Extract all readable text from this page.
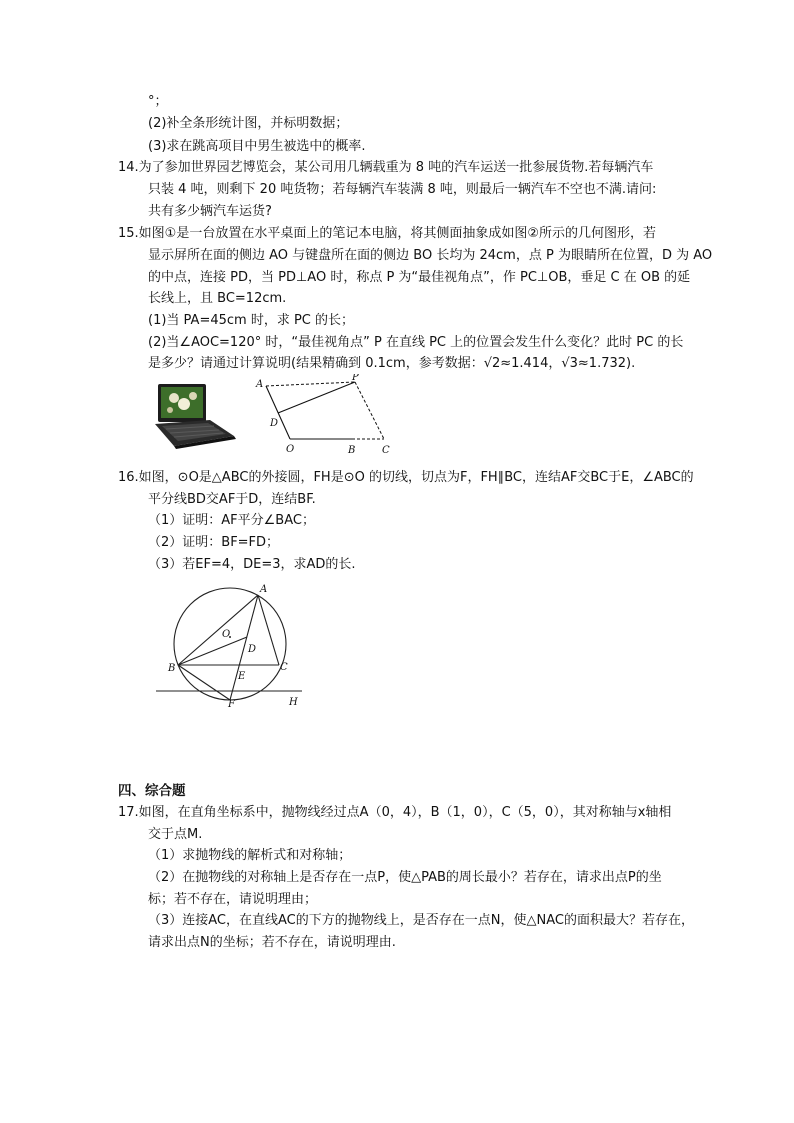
°；
(2)补全条形统计图，并标明数据；
(3)求在跳高项目中男生被选中的概率.
14.为了参加世界园艺博览会，某公司用几辆载重为 8 吨的汽车运送一批参展货物.若每辆汽车
只装 4 吨，则剩下 20 吨货物；若每辆汽车装满 8 吨，则最后一辆汽车不空也不满.请问:
共有多少辆汽车运货?
15.如图①是一台放置在水平桌面上的笔记本电脑，将其侧面抽象成如图②所示的几何图形，若
显示屏所在面的侧边 AO 与键盘所在面的侧边 BO 长均为 24cm，点 P 为眼睛所在位置，D 为 AO
的中点，连接 PD，当 PD⊥AO 时，称点 P 为“最佳视角点”，作 PC⊥OB，垂足 C 在 OB 的延
长线上，且 BC=12cm.
(1)当 PA=45cm 时，求 PC 的长；
(2)当∠AOC=120° 时，“最佳视角点” P 在直线 PC 上的位置会发生什么变化？此时 PC 的长
是多少？请通过计算说明(结果精确到 0.1cm，参考数据：√2≈1.414，√3≈1.732).
A
P
D
O	B	C
16.如图，⊙O是△ABC的外接圆，FH是⊙O 的切线，切点为F，FH∥BC，连结AF交BC于E，∠ABC的
平分线BD交AF于D，连结BF.
（1）证明：AF平分∠BAC；
（2）证明：BF=FD；
（3）若EF=4，DE=3，求AD的长.
A
O
D
B	C
E
F	H
四、综合题
17.如图，在直角坐标系中，抛物线经过点A（0，4），B（1，0），C（5，0），其对称轴与x轴相
交于点M.
（1）求抛物线的解析式和对称轴；
（2）在抛物线的对称轴上是否存在一点P，使△PAB的周长最小？若存在，请求出点P的坐
标；若不存在，请说明理由；
（3）连接AC，在直线AC的下方的抛物线上，是否存在一点N，使△NAC的面积最大？若存在，
请求出点N的坐标；若不存在，请说明理由.
